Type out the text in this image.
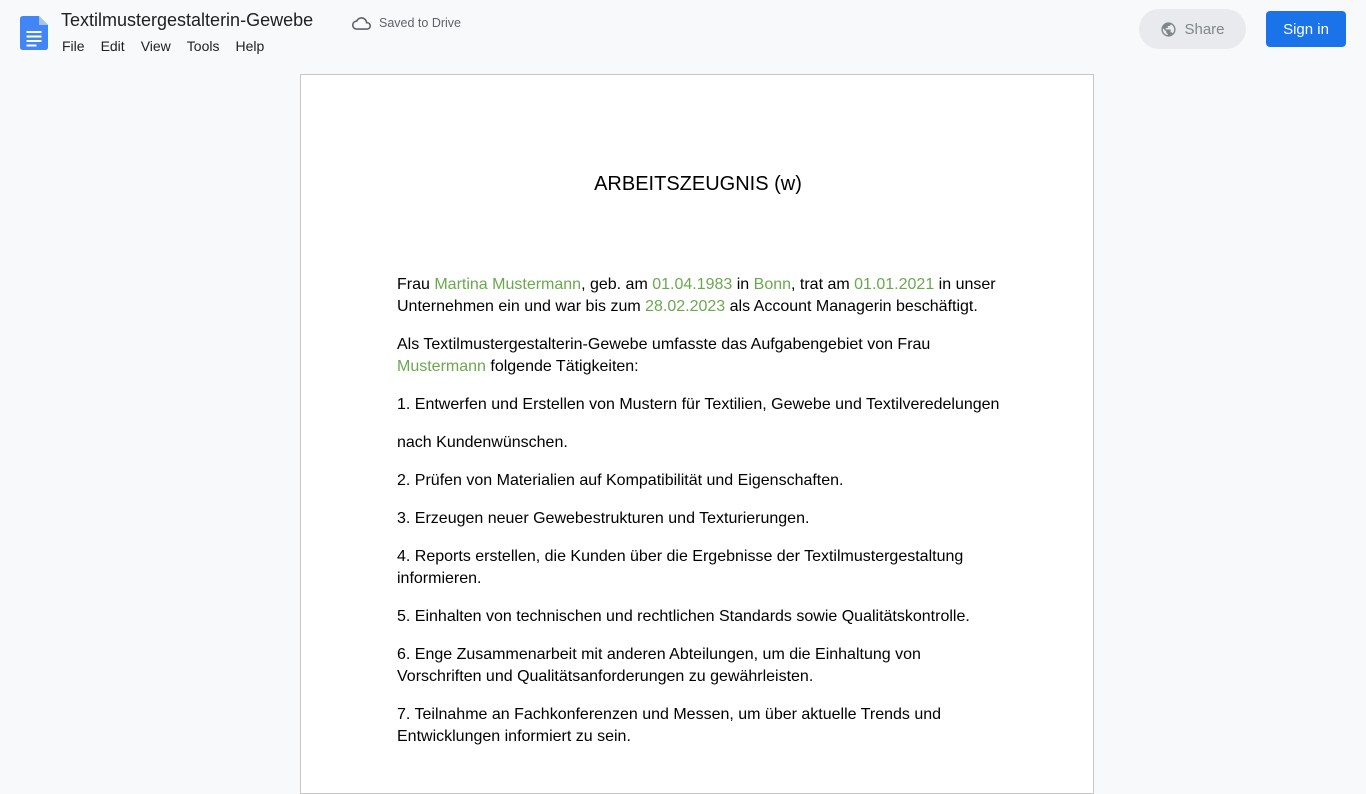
Textilmustergestalterin-Gewebe	Saved to Drive
File	Edit	View	Tools	Help
Share	Sign in
ARBEITSZEUGNIS (w)

Frau Martina Mustermann, geb. am 01.04.1983 in Bonn, trat am 01.01.2021 in unser Unternehmen ein und war bis zum 28.02.2023 als Account Managerin beschäftigt.

Als Textilmustergestalterin-Gewebe umfasste das Aufgabengebiet von Frau Mustermann folgende Tätigkeiten:

1. Entwerfen und Erstellen von Mustern für Textilien, Gewebe und Textilveredelungen

nach Kundenwünschen.

2. Prüfen von Materialien auf Kompatibilität und Eigenschaften.

3. Erzeugen neuer Gewebestrukturen und Texturierungen.

4. Reports erstellen, die Kunden über die Ergebnisse der Textilmustergestaltung informieren.

5. Einhalten von technischen und rechtlichen Standards sowie Qualitätskontrolle.

6. Enge Zusammenarbeit mit anderen Abteilungen, um die Einhaltung von Vorschriften und Qualitätsanforderungen zu gewährleisten.

7. Teilnahme an Fachkonferenzen und Messen, um über aktuelle Trends und Entwicklungen informiert zu sein.
